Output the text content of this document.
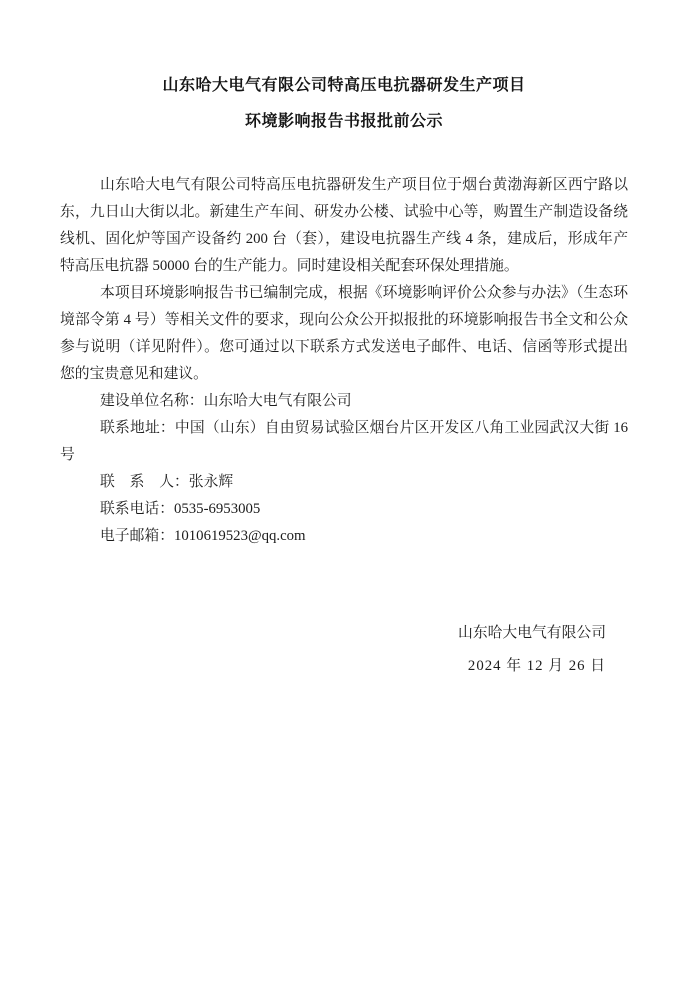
山东哈大电气有限公司特高压电抗器研发生产项目
环境影响报告书报批前公示

山东哈大电气有限公司特高压电抗器研发生产项目位于烟台黄渤海新区西宁路以东，九日山大街以北。新建生产车间、研发办公楼、试验中心等，购置生产制造设备绕线机、固化炉等国产设备约 200 台（套），建设电抗器生产线 4 条，建成后，形成年产特高压电抗器 50000 台的生产能力。同时建设相关配套环保处理措施。

本项目环境影响报告书已编制完成，根据《环境影响评价公众参与办法》（生态环境部令第 4 号）等相关文件的要求，现向公众公开拟报批的环境影响报告书全文和公众参与说明（详见附件）。您可通过以下联系方式发送电子邮件、电话、信函等形式提出您的宝贵意见和建议。

建设单位名称：山东哈大电气有限公司

联系地址：中国（山东）自由贸易试验区烟台片区开发区八角工业园武汉大街 16号

联　系　人：张永辉

联系电话：0535-6953005

电子邮箱：1010619523@qq.com

山东哈大电气有限公司

2024 年 12 月 26 日
